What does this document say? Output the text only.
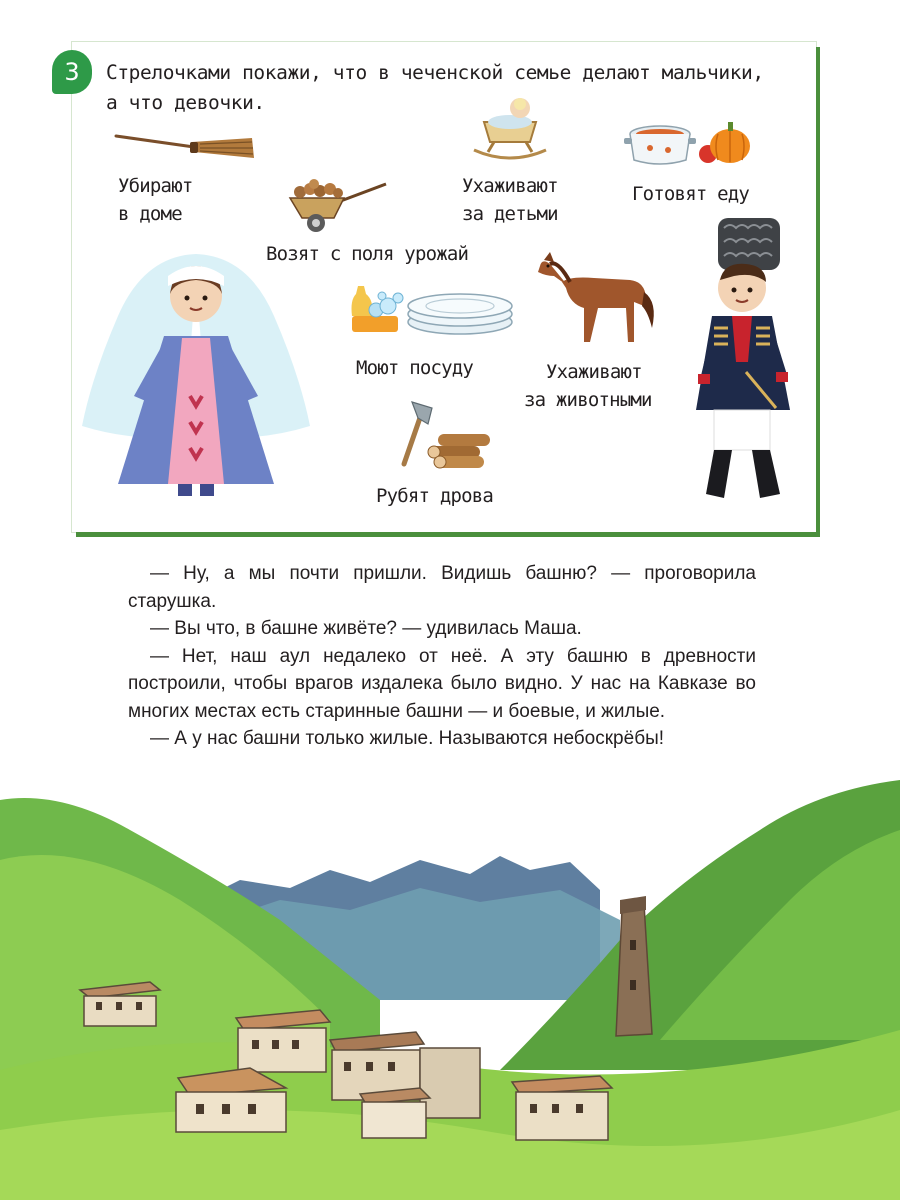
3 Стрелочками покажи, что в чеченской семье делают мальчики,
а что девочки.
Убирают
в доме
Возят с поля урожай
Ухаживают
за детьми
Готовят еду
Моют посуду	Ухаживают
за животными
Рубят дрова

— Ну, а мы почти пришли. Видишь башню? — проговорила старушка.

— Вы что, в башне живёте? — удивилась Маша.

— Нет, наш аул недалеко от неё. А эту башню в древности построили, чтобы врагов издалека было видно. У нас на Кавказе во многих местах есть старинные башни — и боевые, и жилые.

— А у нас башни только жилые. Называются небоскрёбы!
